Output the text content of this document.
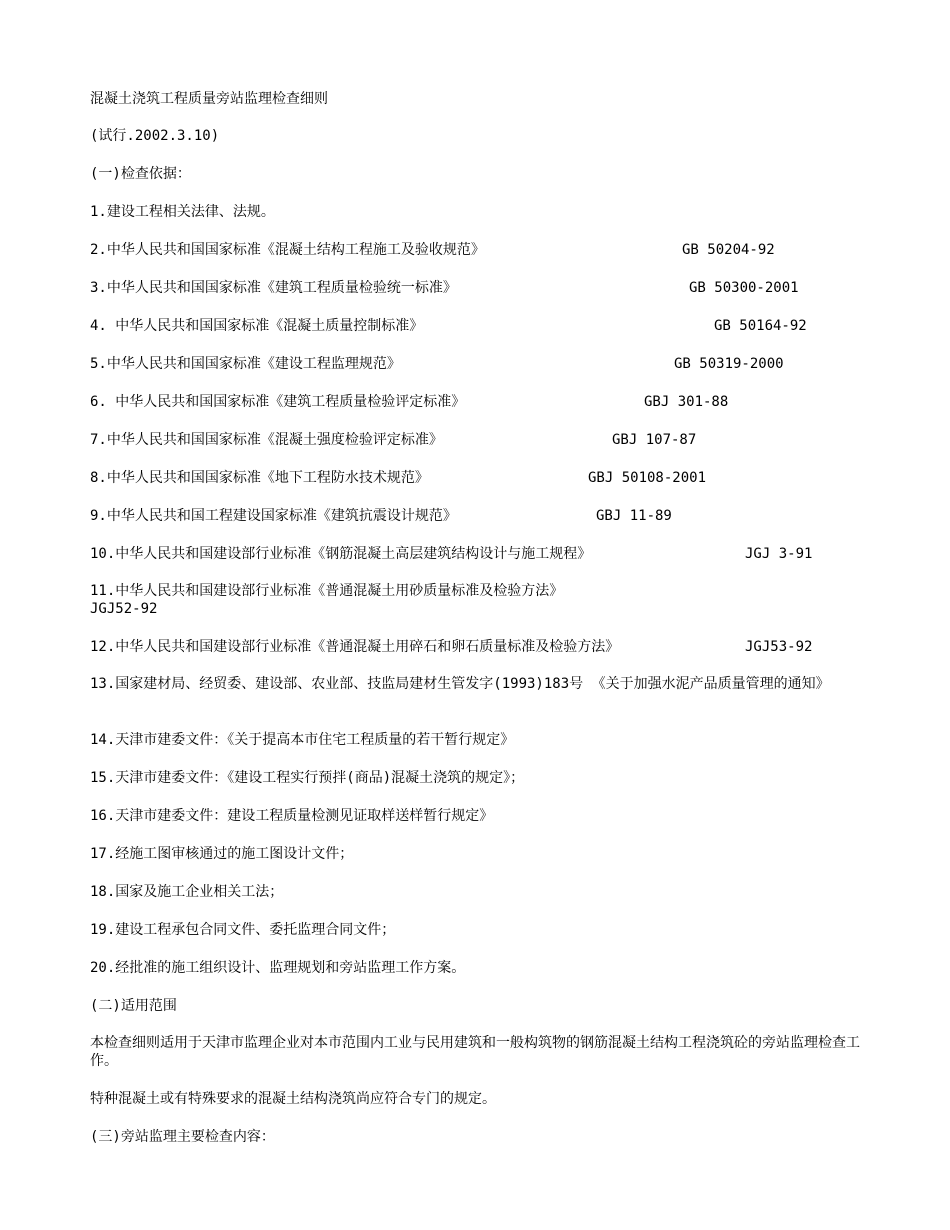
混凝土浇筑工程质量旁站监理检查细则
(试行.2002.3.10)
(一)检查依据：
1.建设工程相关法律、法规。
2.中华人民共和国国家标准《混凝土结构工程施工及验收规范》	GB 50204-92
3.中华人民共和国国家标准《建筑工程质量检验统一标准》	GB 50300-2001
4. 中华人民共和国国家标准《混凝土质量控制标准》	GB 50164-92
5.中华人民共和国国家标准《建设工程监理规范》	GB 50319-2000
6. 中华人民共和国国家标准《建筑工程质量检验评定标准》	GBJ 301-88
7.中华人民共和国国家标准《混凝土强度检验评定标准》	GBJ 107-87
8.中华人民共和国国家标准《地下工程防水技术规范》	GBJ 50108-2001
9.中华人民共和国工程建设国家标准《建筑抗震设计规范》	GBJ 11-89
10.中华人民共和国建设部行业标准《钢筋混凝土高层建筑结构设计与施工规程》	JGJ 3-91
11.中华人民共和国建设部行业标准《普通混凝土用砂质量标准及检验方法》
JGJ52-92
12.中华人民共和国建设部行业标准《普通混凝土用碎石和卵石质量标准及检验方法》	JGJ53-92
13.国家建材局、经贸委、建设部、农业部、技监局建材生管发字(1993)183号 《关于加强水泥产品质量管理的通知》
14.天津市建委文件：《关于提高本市住宅工程质量的若干暂行规定》
15.天津市建委文件：《建设工程实行预拌(商品)混凝土浇筑的规定》；
16.天津市建委文件：建设工程质量检测见证取样送样暂行规定》
17.经施工图审核通过的施工图设计文件；
18.国家及施工企业相关工法；
19.建设工程承包合同文件、委托监理合同文件；
20.经批准的施工组织设计、监理规划和旁站监理工作方案。
(二)适用范围
本检查细则适用于天津市监理企业对本市范围内工业与民用建筑和一般构筑物的钢筋混凝土结构工程浇筑砼的旁站监理检查工作。
特种混凝土或有特殊要求的混凝土结构浇筑尚应符合专门的规定。
(三)旁站监理主要检查内容：
